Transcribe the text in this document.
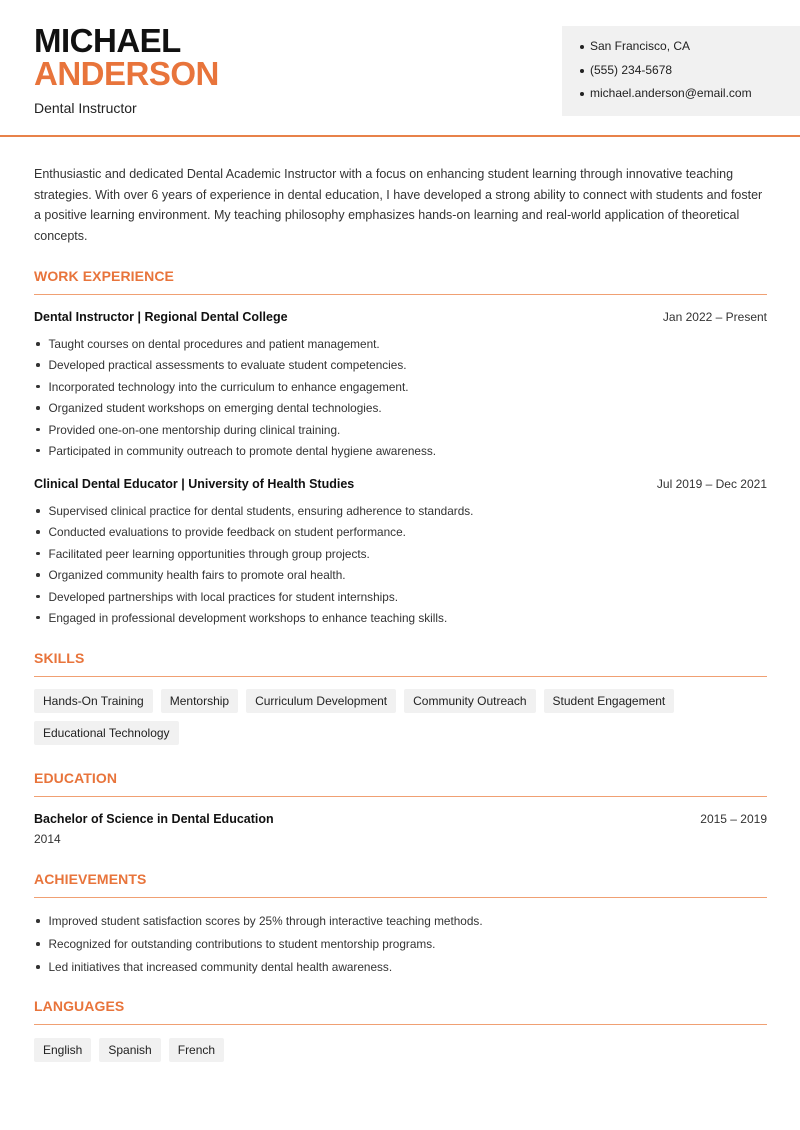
MICHAEL
ANDERSON
Dental Instructor
San Francisco, CA
(555) 234-5678
michael.anderson@email.com

Enthusiastic and dedicated Dental Academic Instructor with a focus on enhancing student learning through innovative teaching strategies. With over 6 years of experience in dental education, I have developed a strong ability to connect with students and foster a positive learning environment. My teaching philosophy emphasizes hands-on learning and real-world application of theoretical concepts.

WORK EXPERIENCE
Dental Instructor | Regional Dental College	Jan 2022 – Present
Taught courses on dental procedures and patient management.
Developed practical assessments to evaluate student competencies.
Incorporated technology into the curriculum to enhance engagement.
Organized student workshops on emerging dental technologies.
Provided one-on-one mentorship during clinical training.
Participated in community outreach to promote dental hygiene awareness.
Clinical Dental Educator | University of Health Studies	Jul 2019 – Dec 2021
Supervised clinical practice for dental students, ensuring adherence to standards.
Conducted evaluations to provide feedback on student performance.
Facilitated peer learning opportunities through group projects.
Organized community health fairs to promote oral health.
Developed partnerships with local practices for student internships.
Engaged in professional development workshops to enhance teaching skills.
SKILLS
Hands-On Training	Mentorship	Curriculum Development	Community Outreach	Student Engagement
Educational Technology
EDUCATION
Bachelor of Science in Dental Education	2015 – 2019
2014
ACHIEVEMENTS
Improved student satisfaction scores by 25% through interactive teaching methods.
Recognized for outstanding contributions to student mentorship programs.
Led initiatives that increased community dental health awareness.
LANGUAGES
English	Spanish	French
